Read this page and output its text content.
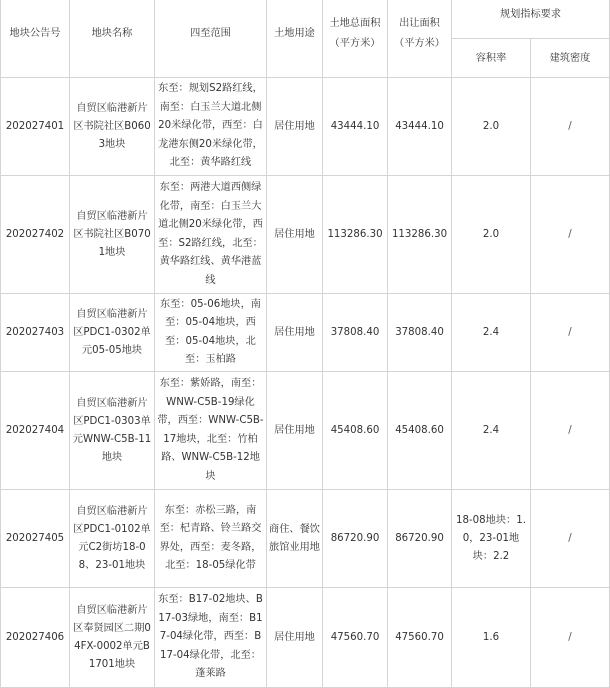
地块公告号	地块名称	四至范围	土地用途	土地总面积（平方米）	出让面积（平方米）	规划指标要求	
						容积率	建筑密度
202027401	自贸区临港新片区书院社区B0603地块	东至：规划S2路红线，南至：白玉兰大道北侧20米绿化带，西至：白龙港东侧20米绿化带，北至：黄华路红线	居住用地	43444.10	43444.10	2.0	/
202027402	自贸区临港新片区书院社区B0701地块	东至：两港大道西侧绿化带，南至：白玉兰大道北侧20米绿化带，西至：S2路红线，北至：黄华路红线、黄华港蓝线	居住用地	113286.30	113286.30	2.0	/
202027403	自贸区临港新片区PDC1-0302单元05-05地块	东至：05-06地块，南至：05-04地块，西至：05-04地块，北至：玉柏路	居住用地	37808.40	37808.40	2.4	/
202027404	自贸区临港新片区PDC1-0303单元WNW-C5B-11地块	东至：紫娇路，南至：WNW-C5B-19绿化带，西至：WNW-C5B-17地块，北至：竹柏路、WNW-C5B-12地块	居住用地	45408.60	45408.60	2.4	/
202027405	自贸区临港新片区PDC1-0102单元C2街坊18-08、23-01地块	东至：赤松三路，南至：杞青路、铃兰路交界处，西至：麦冬路，北至：18-05绿化带	商住、餐饮旅馆业用地	86720.90	86720.90	18-08地块：1.0，23-01地块：2.2	/
202027406	自贸区临港新片区奉贤园区二期04FX-0002单元B1701地块	东至：B17-02地块、B17-03绿地，南至：B17-04绿化带，西至：B17-04绿化带，北至：蓬莱路	居住用地	47560.70	47560.70	1.6	/
